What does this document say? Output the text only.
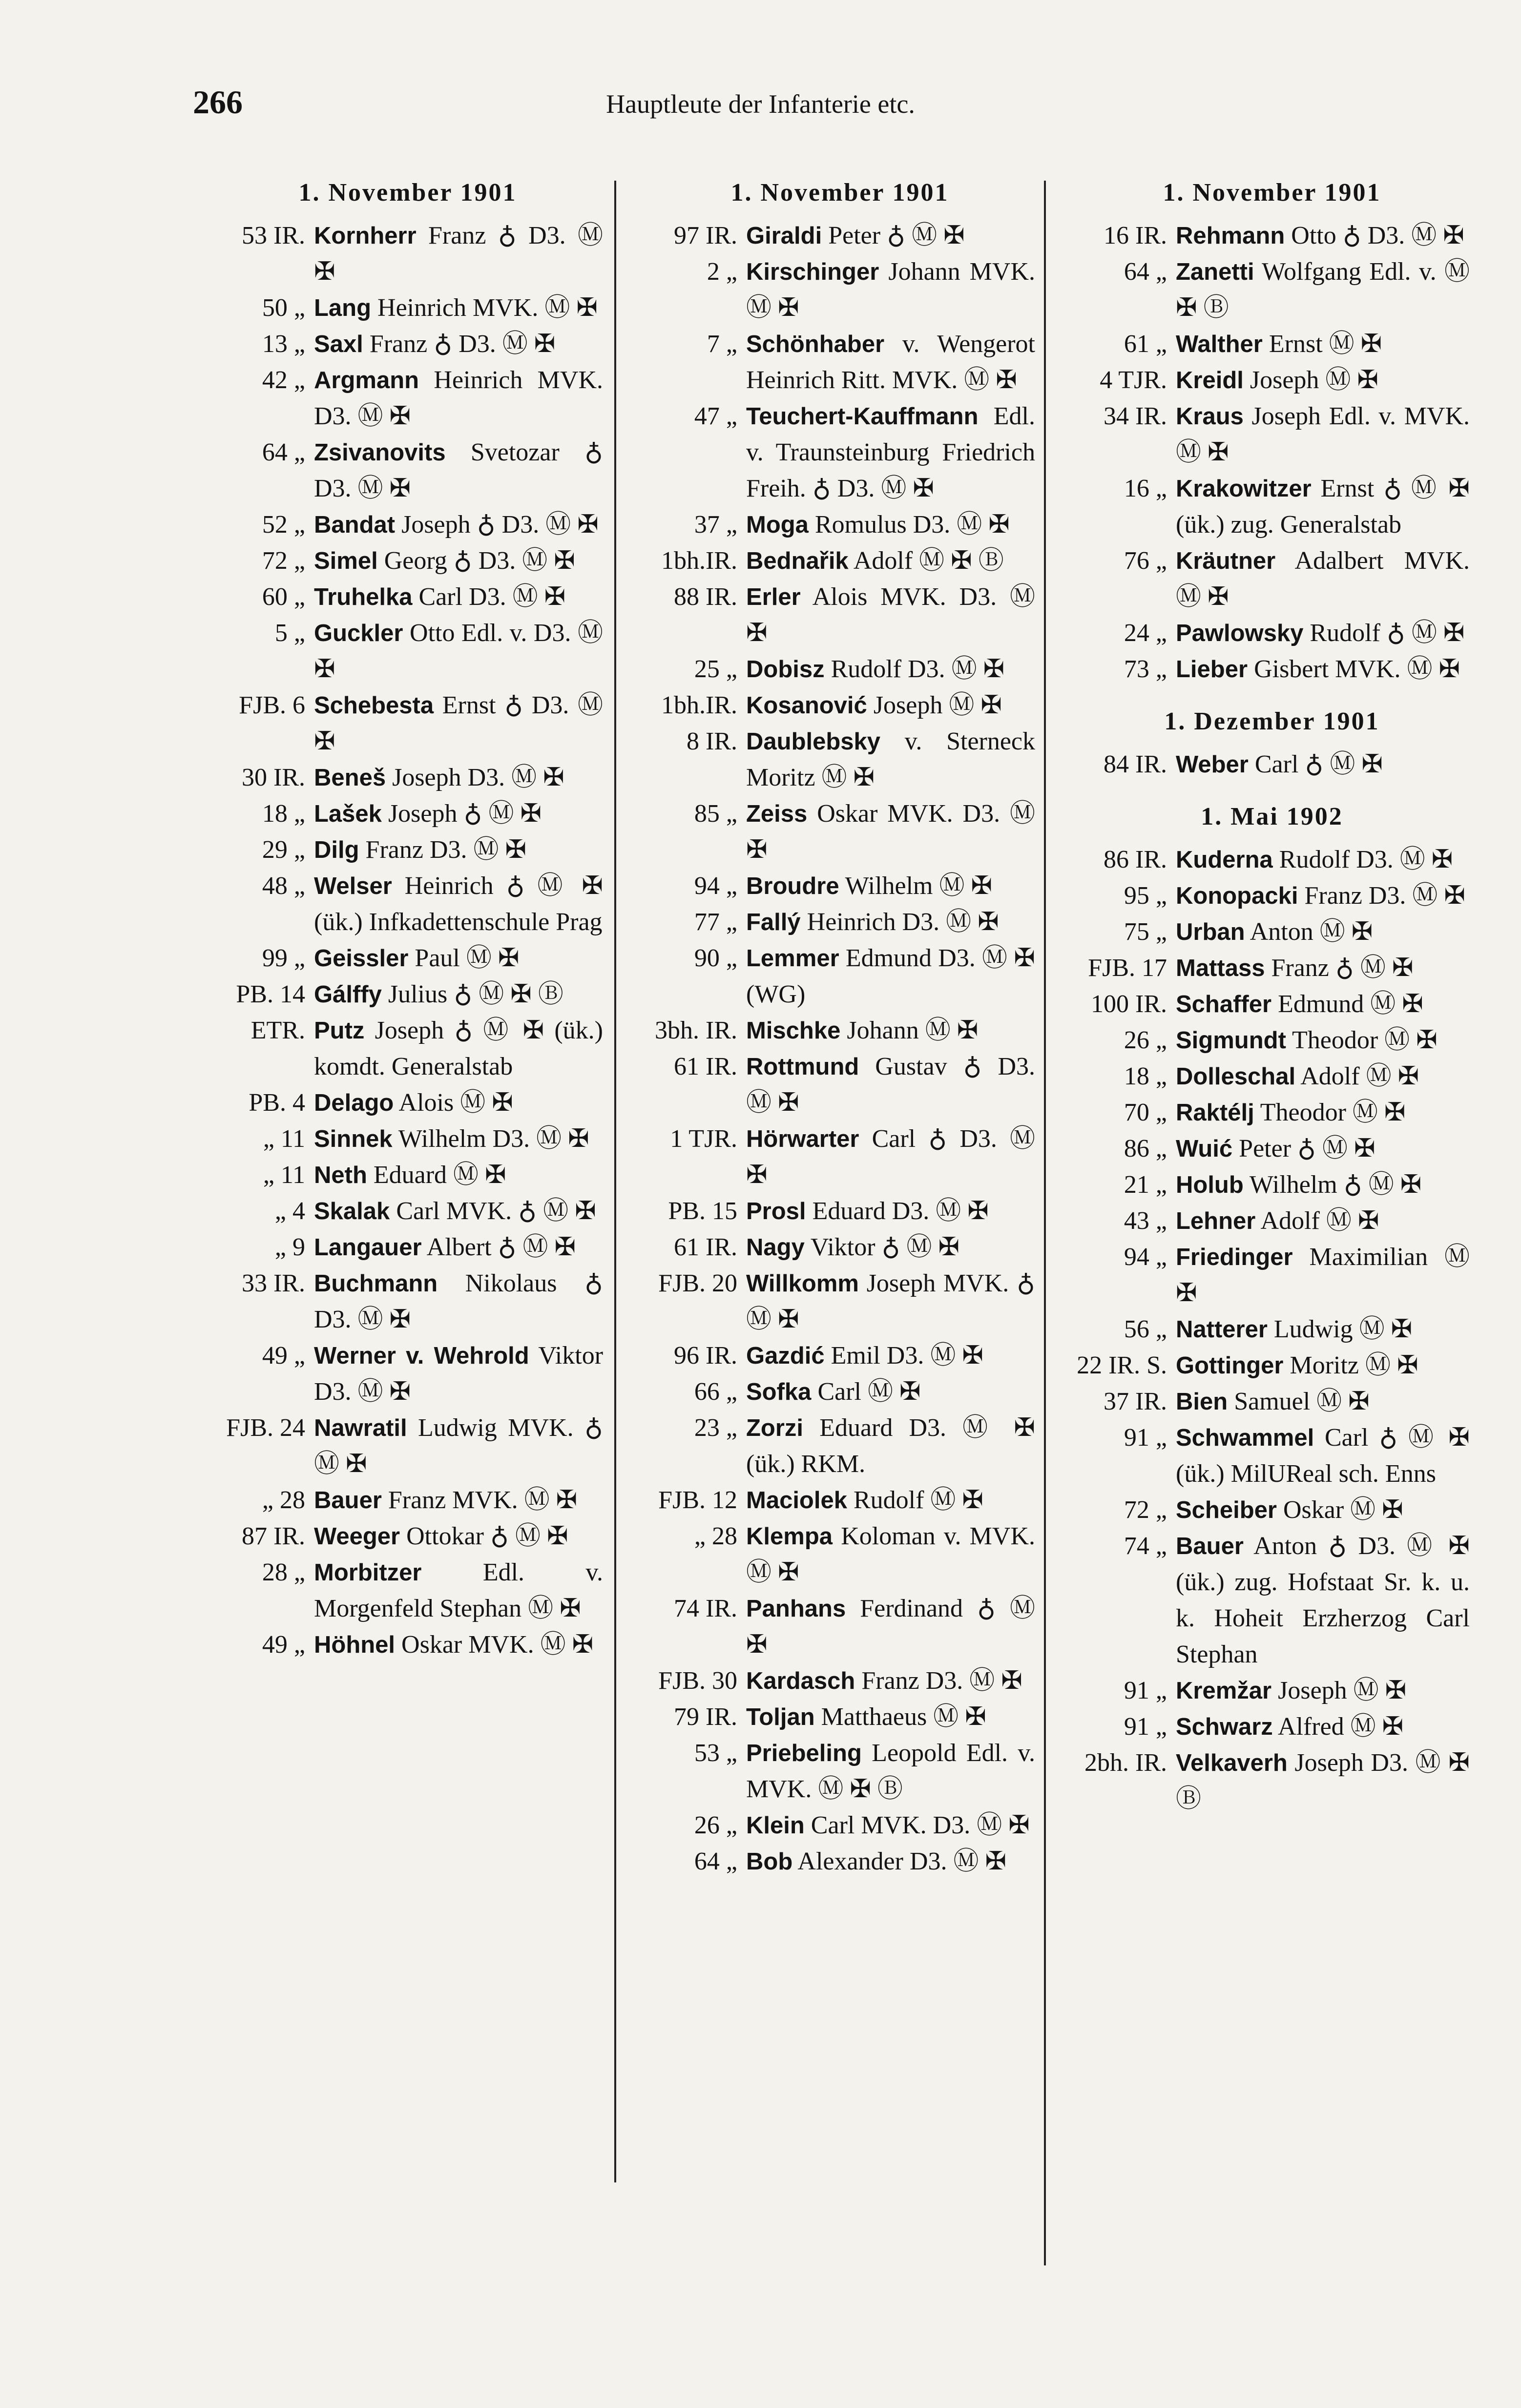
266	Hauptleute der Infanterie etc.
1. November 1901
53 IR. Kornherr Franz ♁ D3. Ⓜ ✠
50 „ Lang Heinrich MVK. Ⓜ ✠
13 „ Saxl Franz ♁ D3. Ⓜ ✠
42 „ Argmann Heinrich MVK. D3. Ⓜ ✠
64 „ Zsivanovits Svetozar ♁ D3. Ⓜ ✠
52 „ Bandat Joseph ♁ D3. Ⓜ ✠
72 „ Simel Georg ♁ D3. Ⓜ ✠
60 „ Truhelka Carl D3. Ⓜ ✠
5 „ Guckler Otto Edl. v. D3. Ⓜ ✠
FJB. 6 Schebesta Ernst ♁ D3. Ⓜ ✠
30 IR. Beneš Joseph D3. Ⓜ ✠
18 „ Lašek Joseph ♁ Ⓜ ✠
29 „ Dilg Franz D3. Ⓜ ✠
48 „ Welser Heinrich ♁ Ⓜ ✠ (ük.) Infkadettenschule Prag
99 „ Geissler Paul Ⓜ ✠
PB. 14 Gálffy Julius ♁ Ⓜ ✠ Ⓑ
ETR. Putz Joseph ♁ Ⓜ ✠ (ük.) komdt. Generalstab
PB. 4 Delago Alois Ⓜ ✠
„ 11 Sinnek Wilhelm D3. Ⓜ ✠
„ 11 Neth Eduard Ⓜ ✠
„ 4 Skalak Carl MVK. ♁ Ⓜ ✠
„ 9 Langauer Albert ♁ Ⓜ ✠
33 IR. Buchmann Nikolaus ♁ D3. Ⓜ ✠
49 „ Werner v. Wehrold Viktor D3. Ⓜ ✠
FJB. 24 Nawratil Ludwig MVK. ♁ Ⓜ ✠
„ 28 Bauer Franz MVK. Ⓜ ✠
87 IR. Weeger Ottokar ♁ Ⓜ ✠
28 „ Morbitzer Edl. v. Morgenfeld Stephan Ⓜ ✠
49 „ Höhnel Oskar MVK. Ⓜ ✠
1. November 1901
97 IR. Giraldi Peter ♁ Ⓜ ✠
2 „ Kirschinger Johann MVK. Ⓜ ✠
7 „ Schönhaber v. Wengerot Heinrich Ritt. MVK. Ⓜ ✠
47 „ Teuchert-Kauffmann Edl. v. Traunsteinburg Friedrich Freih. ♁ D3. Ⓜ ✠
37 „ Moga Romulus D3. Ⓜ ✠
1bh.IR. Bednařik Adolf Ⓜ ✠ Ⓑ
88 IR. Erler Alois MVK. D3. Ⓜ ✠
25 „ Dobisz Rudolf D3. Ⓜ ✠
1bh.IR. Kosanović Joseph Ⓜ ✠
8 IR. Daublebsky v. Sterneck Moritz Ⓜ ✠
85 „ Zeiss Oskar MVK. D3. Ⓜ ✠
94 „ Broudre Wilhelm Ⓜ ✠
77 „ Fallý Heinrich D3. Ⓜ ✠
90 „ Lemmer Edmund D3. Ⓜ ✠ (WG)
3bh. IR. Mischke Johann Ⓜ ✠
61 IR. Rottmund Gustav ♁ D3. Ⓜ ✠
1 TJR. Hörwarter Carl ♁ D3. Ⓜ ✠
PB. 15 Prosl Eduard D3. Ⓜ ✠
61 IR. Nagy Viktor ♁ Ⓜ ✠
FJB. 20 Willkomm Joseph MVK. ♁ Ⓜ ✠
96 IR. Gazdić Emil D3. Ⓜ ✠
66 „ Sofka Carl Ⓜ ✠
23 „ Zorzi Eduard D3. Ⓜ ✠ (ük.) RKM.
FJB. 12 Maciolek Rudolf Ⓜ ✠
„ 28 Klempa Koloman v. MVK. Ⓜ ✠
74 IR. Panhans Ferdinand ♁ Ⓜ ✠
FJB. 30 Kardasch Franz D3. Ⓜ ✠
79 IR. Toljan Matthaeus Ⓜ ✠
53 „ Priebeling Leopold Edl. v. MVK. Ⓜ ✠ Ⓑ
26 „ Klein Carl MVK. D3. Ⓜ ✠
64 „ Bob Alexander D3. Ⓜ ✠
1. November 1901
16 IR. Rehmann Otto ♁ D3. Ⓜ ✠
64 „ Zanetti Wolfgang Edl. v. Ⓜ ✠ Ⓑ
61 „ Walther Ernst Ⓜ ✠
4 TJR. Kreidl Joseph Ⓜ ✠
34 IR. Kraus Joseph Edl. v. MVK. Ⓜ ✠
16 „ Krakowitzer Ernst ♁ Ⓜ ✠ (ük.) zug. Generalstab
76 „ Kräutner Adalbert MVK. Ⓜ ✠
24 „ Pawlowsky Rudolf ♁ Ⓜ ✠
73 „ Lieber Gisbert MVK. Ⓜ ✠
1. Dezember 1901
84 IR. Weber Carl ♁ Ⓜ ✠
1. Mai 1902
86 IR. Kuderna Rudolf D3. Ⓜ ✠
95 „ Konopacki Franz D3. Ⓜ ✠
75 „ Urban Anton Ⓜ ✠
FJB. 17 Mattass Franz ♁ Ⓜ ✠
100 IR. Schaffer Edmund Ⓜ ✠
26 „ Sigmundt Theodor Ⓜ ✠
18 „ Dolleschal Adolf Ⓜ ✠
70 „ Raktélj Theodor Ⓜ ✠
86 „ Wuić Peter ♁ Ⓜ ✠
21 „ Holub Wilhelm ♁ Ⓜ ✠
43 „ Lehner Adolf Ⓜ ✠
94 „ Friedinger Maximilian Ⓜ ✠
56 „ Natterer Ludwig Ⓜ ✠
22 IR. S. Gottinger Moritz Ⓜ ✠
37 IR. Bien Samuel Ⓜ ✠
91 „ Schwammel Carl ♁ Ⓜ ✠ (ük.) MilUReal sch. Enns
72 „ Scheiber Oskar Ⓜ ✠
74 „ Bauer Anton ♁ D3. Ⓜ ✠ (ük.) zug. Hofstaat Sr. k. u. k. Hoheit Erzherzog Carl Stephan
91 „ Kremžar Joseph Ⓜ ✠
91 „ Schwarz Alfred Ⓜ ✠
2bh. IR. Velkaverh Joseph D3. Ⓜ ✠ Ⓑ
